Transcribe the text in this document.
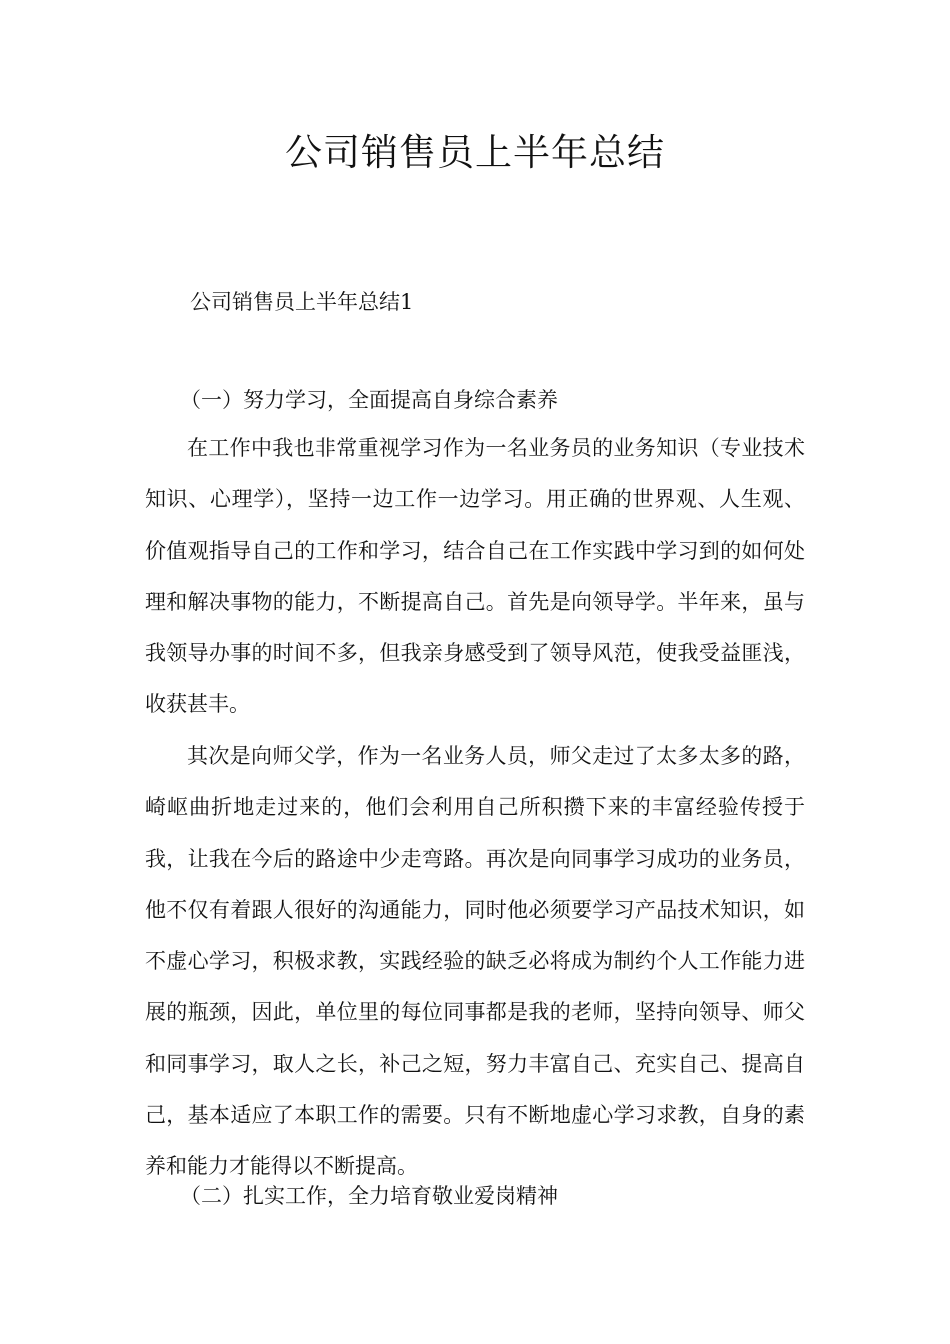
公司销售员上半年总结

公司销售员上半年总结1

（一）努力学习，全面提高自身综合素养

在工作中我也非常重视学习作为一名业务员的业务知识（专业技术知识、心理学），坚持一边工作一边学习。用正确的世界观、人生观、价值观指导自己的工作和学习，结合自己在工作实践中学习到的如何处理和解决事物的能力，不断提高自己。首先是向领导学。半年来，虽与我领导办事的时间不多，但我亲身感受到了领导风范，使我受益匪浅，收获甚丰。

其次是向师父学，作为一名业务人员，师父走过了太多太多的路，崎岖曲折地走过来的，他们会利用自己所积攒下来的丰富经验传授于我，让我在今后的路途中少走弯路。再次是向同事学习成功的业务员，他不仅有着跟人很好的沟通能力，同时他必须要学习产品技术知识，如不虚心学习，积极求教，实践经验的缺乏必将成为制约个人工作能力进展的瓶颈，因此，单位里的每位同事都是我的老师，坚持向领导、师父和同事学习，取人之长，补己之短，努力丰富自己、充实自己、提高自己，基本适应了本职工作的需要。只有不断地虚心学习求教，自身的素养和能力才能得以不断提高。

（二）扎实工作，全力培育敬业爱岗精神
